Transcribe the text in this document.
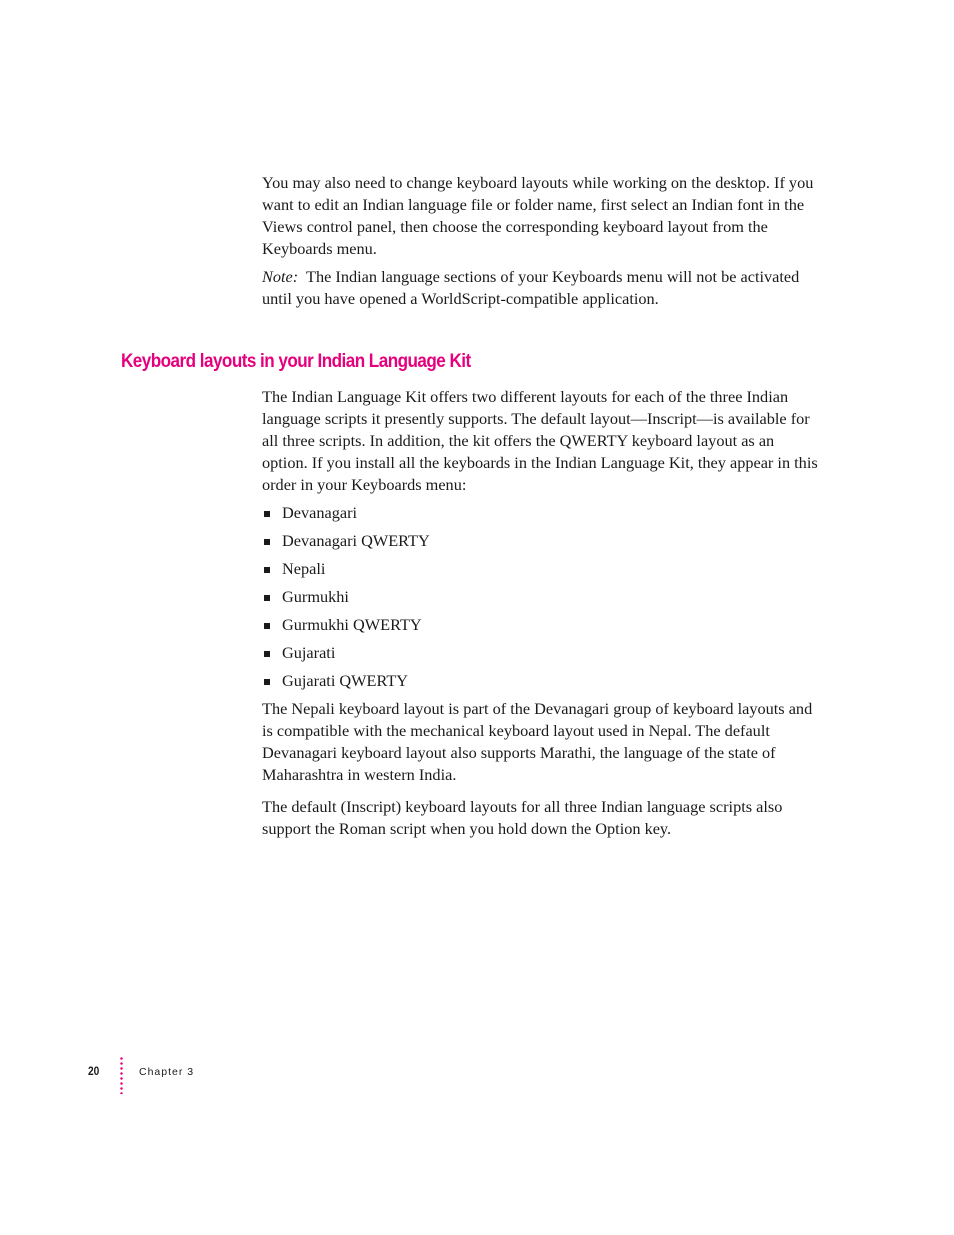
You may also need to change keyboard layouts while working on the desktop. If you want to edit an Indian language file or folder name, first select an Indian font in the Views control panel, then choose the corresponding keyboard layout from the Keyboards menu.

Note: The Indian language sections of your Keyboards menu will not be activated until you have opened a WorldScript-compatible application.

Keyboard layouts in your Indian Language Kit

The Indian Language Kit offers two different layouts for each of the three Indian language scripts it presently supports. The default layout—Inscript—is available for all three scripts. In addition, the kit offers the QWERTY keyboard layout as an option. If you install all the keyboards in the Indian Language Kit, they appear in this order in your Keyboards menu:

Devanagari
Devanagari QWERTY
Nepali
Gurmukhi
Gurmukhi QWERTY
Gujarati
Gujarati QWERTY

The Nepali keyboard layout is part of the Devanagari group of keyboard layouts and is compatible with the mechanical keyboard layout used in Nepal. The default Devanagari keyboard layout also supports Marathi, the language of the state of Maharashtra in western India.

The default (Inscript) keyboard layouts for all three Indian language scripts also support the Roman script when you hold down the Option key.

20	Chapter 3
